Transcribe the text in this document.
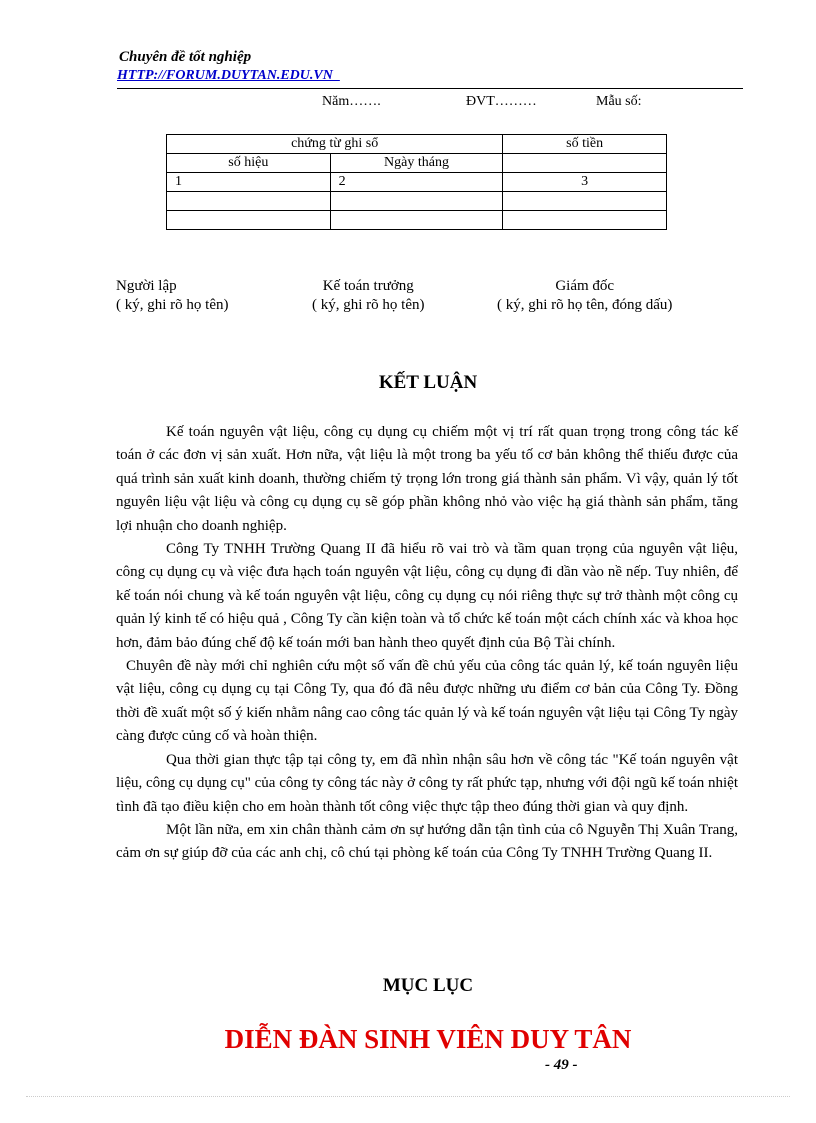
Chuyên đề tốt nghiệp
HTTP://FORUM.DUYTAN.EDU.VN_
Năm…….	ĐVT………	Mẫu số:
chứng từ ghi sổ		số tiền
số hiệu	Ngày tháng	
1	2	3

Người lập
( ký, ghi rõ họ tên)
Kế toán trưởng
( ký, ghi rõ họ tên)
Giám đốc
( ký, ghi rõ họ tên, đóng dấu)
KẾT LUẬN

Kế toán nguyên vật liệu, công cụ dụng cụ chiếm một vị trí rất quan trọng trong công tác kế toán ở các đơn vị sản xuất. Hơn nữa, vật liệu là một trong ba yếu tố cơ bản không thể thiếu được của quá trình sản xuất kinh doanh, thường chiếm tỷ trọng lớn trong giá thành sản phẩm. Vì vậy, quản lý tốt nguyên liệu vật liệu và công cụ dụng cụ sẽ góp phần không nhỏ vào việc hạ giá thành sản phẩm, tăng lợi nhuận cho doanh nghiệp.

Công Ty TNHH Trường Quang II đã hiểu rõ vai trò và tầm quan trọng của nguyên vật liệu, công cụ dụng cụ và việc đưa hạch toán nguyên vật liệu, công cụ dụng đi dần vào nề nếp. Tuy nhiên, để kế toán nói chung và kế toán nguyên vật liệu, công cụ dụng cụ nói riêng thực sự trở thành một công cụ quản lý kinh tế có hiệu quả , Công Ty cần kiện toàn và tổ chức kế toán một cách chính xác và khoa học hơn, đảm bảo đúng chế độ kế toán mới ban hành theo quyết định của Bộ Tài chính.

Chuyên đề này mới chỉ nghiên cứu một số vấn đề chủ yếu của công tác quản lý, kế toán nguyên liệu vật liệu, công cụ dụng cụ tại Công Ty, qua đó đã nêu được những ưu điểm cơ bản của Công Ty. Đồng thời đề xuất một số ý kiến nhằm nâng cao công tác quản lý và kế toán nguyên vật liệu tại Công Ty ngày càng được củng cố và hoàn thiện.

Qua thời gian thực tập tại công ty, em đã nhìn nhận sâu hơn về công tác "Kế toán nguyên vật liệu, công cụ dụng cụ" của công ty công tác này ở công ty rất phức tạp, nhưng với đội ngũ kế toán nhiệt tình đã tạo điều kiện cho em hoàn thành tốt công việc thực tập theo đúng thời gian và quy định.

Một lần nữa, em xin chân thành cảm ơn sự hướng dẫn tận tình của cô Nguyễn Thị Xuân Trang, cảm ơn sự giúp đỡ của các anh chị, cô chú tại phòng kế toán của Công Ty TNHH Trường Quang II.

MỤC LỤC
DIỄN ĐÀN SINH VIÊN DUY TÂN
- 49 -
